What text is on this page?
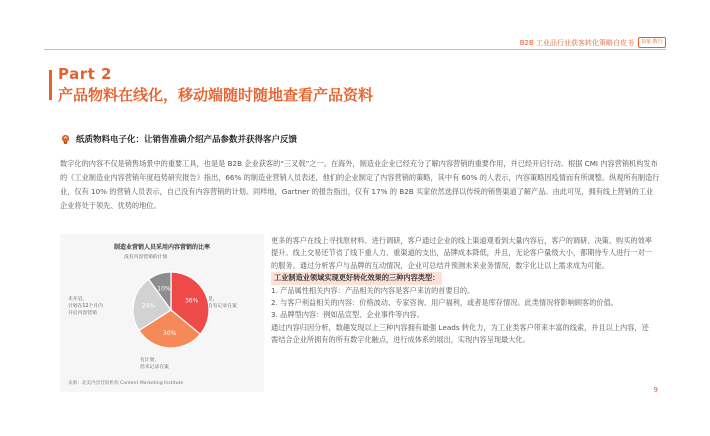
B2B 工业品行业获客转化策略白皮书	执象·数行
Part 2
产品物料在线化，移动端随时随地查看产品资料
纸质物料电子化：让销售准确介绍产品参数并获得客户反馈

数字化的内容不仅是销售场景中的重要工具，也是是 B2B 企业获客的“三叉戟”之一。在海外，制造业企业已经充分了解内容营销的重要作用，并已经开启行动。根据 CMI 内容营销机构发布的《工业制造业内容营销年度趋势研究报告》指出，66% 的制造业营销人员表述，他们的企业制定了内容营销的策略，其中有 60% 的人表示，内容策略因疫情而有所调整。纵观所有制造行业，仅有 10% 的营销人员表示，自己没有内容营销的计划。同样地，Gartner 的报告指出，仅有 17% 的 B2B 买家依然选择以传统的销售渠道了解产品。由此可见，拥有线上营销的工业企业将处于领先、优势的地位。

制造业营销人员采用内容营销的比率
36%
30%
24%
10%
没有内容营销的计划
是，
自有记录在案
未开启，
计划在12个月内
开启内容营销
有计划，
但未记录在案
来源：北美内容营销机构 Content Marketing Institute

更多的客户在线上寻找原材料、进行调研，客户通过企业的线上渠道观看到大量内容后，客户的调研、决策、购买的效率提升。线上交易还节省了线下重人力、重渠道的支出，品牌成本降低，并且，无论客户量级大小，都期待专人进行一对一的服务。通过分析客户与品牌的互动情况，企业可总结并预测未来业务情况，数字化让以上需求成为可能。

工业制造业领域实现更好转化效果的三种内容类型：

1. 产品属性相关内容：产品相关的内容是客户来访的首要目的。

2. 与客户利益相关的内容：价格波动、专家咨询、用户福利，或者是库存情况。此类情况将影响顾客的价值。

3. 品牌型内容：例如品宣型、企业事件等内容。

通过内容归因分析，数趣发现以上三种内容拥有最强 Leads 转化力，为工业类客户带来丰富的线索，并且以上内容，还需结合企业所拥有的所有数字化触点，进行成体系的展出，实现内容呈现最大化。

9
